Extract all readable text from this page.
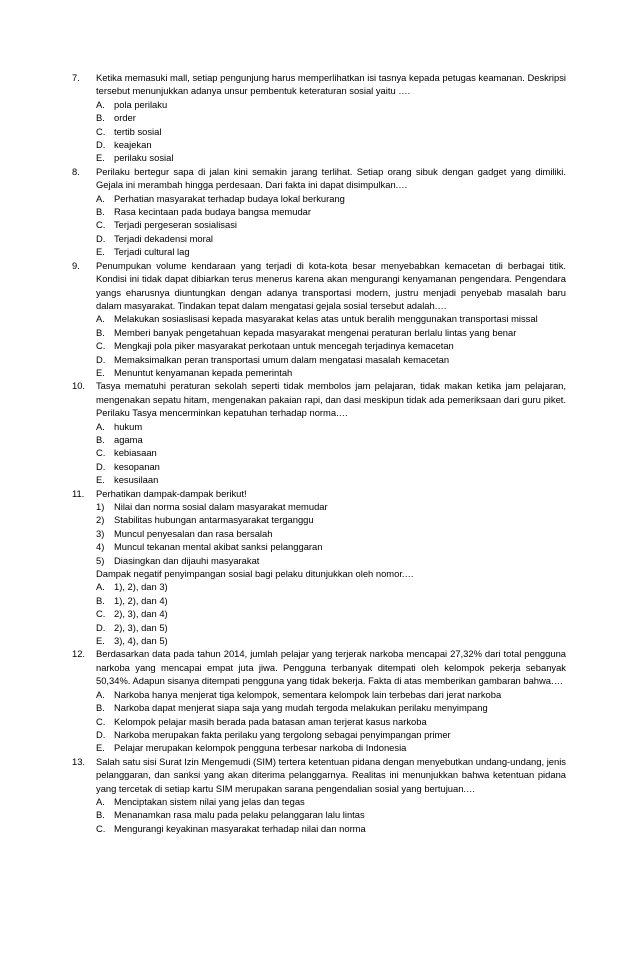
7.	Ketika memasuki mall, setiap pengunjung harus memperlihatkan isi tasnya kepada petugas keamanan. Deskripsi tersebut menunjukkan adanya unsur pembentuk keteraturan sosial yaitu ….
A. pola perilaku
B. order
C. tertib sosial
D. keajekan
E. perilaku sosial
8.	Perilaku bertegur sapa di jalan kini semakin jarang terlihat. Setiap orang sibuk dengan gadget yang dimiliki. Gejala ini merambah hingga perdesaan. Dari fakta ini dapat disimpulkan.…
A. Perhatian masyarakat terhadap budaya lokal berkurang
B. Rasa kecintaan pada budaya bangsa memudar
C. Terjadi pergeseran sosialisasi
D. Terjadi dekadensi moral
E. Terjadi cultural lag
9.	Penumpukan volume kendaraan yang terjadi di kota-kota besar menyebabkan kemacetan di berbagai titik. Kondisi ini tidak dapat dibiarkan terus menerus karena akan mengurangi kenyamanan pengendara. Pengendara yangs eharusnya diuntungkan dengan adanya transportasi modern, justru menjadi penyebab masalah baru dalam masyarakat. Tindakan tepat dalam mengatasi gejala sosial tersebut adalah.…
A. Melakukan sosiaslisasi kepada masyarakat kelas atas untuk beralih menggunakan transportasi missal
B. Memberi banyak pengetahuan kepada masyarakat mengenai peraturan berlalu lintas yang benar
C. Mengkaji pola piker masyarakat perkotaan untuk mencegah terjadinya kemacetan
D. Memaksimalkan peran transportasi umum dalam mengatasi masalah kemacetan
E. Menuntut kenyamanan kepada pemerintah
10.	Tasya mematuhi peraturan sekolah seperti tidak membolos jam pelajaran, tidak makan ketika jam pelajaran, mengenakan sepatu hitam, mengenakan pakaian rapi, dan dasi meskipun tidak ada pemeriksaan dari guru piket. Perilaku Tasya mencerminkan kepatuhan terhadap norma.…
A. hukum
B. agama
C. kebiasaan
D. kesopanan
E. kesusilaan
11.	Perhatikan dampak-dampak berikut!
1)	Nilai dan norma sosial dalam masyarakat memudar
2)	Stabilitas hubungan antarmasyarakat terganggu
3)	Muncul penyesalan dan rasa bersalah
4)	Muncul tekanan mental akibat sanksi pelanggaran
5)	Diasingkan dan dijauhi masyarakat
Dampak negatif penyimpangan sosial bagi pelaku ditunjukkan oleh nomor.…
A. 1), 2), dan 3)
B. 1), 2), dan 4)
C. 2), 3), dan 4)
D. 2), 3), dan 5)
E. 3), 4), dan 5)
12.	Berdasarkan data pada tahun 2014, jumlah pelajar yang terjerak narkoba mencapai 27,32% dari total pengguna narkoba yang mencapai empat juta jiwa. Pengguna terbanyak ditempati oleh kelompok pekerja sebanyak 50,34%. Adapun sisanya ditempati pengguna yang tidak bekerja. Fakta di atas memberikan gambaran bahwa.…
A. Narkoba hanya menjerat tiga kelompok, sementara kelompok lain terbebas dari jerat narkoba
B. Narkoba dapat menjerat siapa saja yang mudah tergoda melakukan perilaku menyimpang
C. Kelompok pelajar masih berada pada batasan aman terjerat kasus narkoba
D. Narkoba merupakan fakta perilaku yang tergolong sebagai penyimpangan primer
E. Pelajar merupakan kelompok pengguna terbesar narkoba di Indonesia
13.	Salah satu sisi Surat Izin Mengemudi (SIM) tertera ketentuan pidana dengan menyebutkan undang-undang, jenis pelanggaran, dan sanksi yang akan diterima pelanggarnya. Realitas ini menunjukkan bahwa ketentuan pidana yang tercetak di setiap kartu SIM merupakan sarana pengendalian sosial yang bertujuan.…
A. Menciptakan sistem nilai yang jelas dan tegas
B. Menanamkan rasa malu pada pelaku pelanggaran lalu lintas
C. Mengurangi keyakinan masyarakat terhadap nilai dan norma
